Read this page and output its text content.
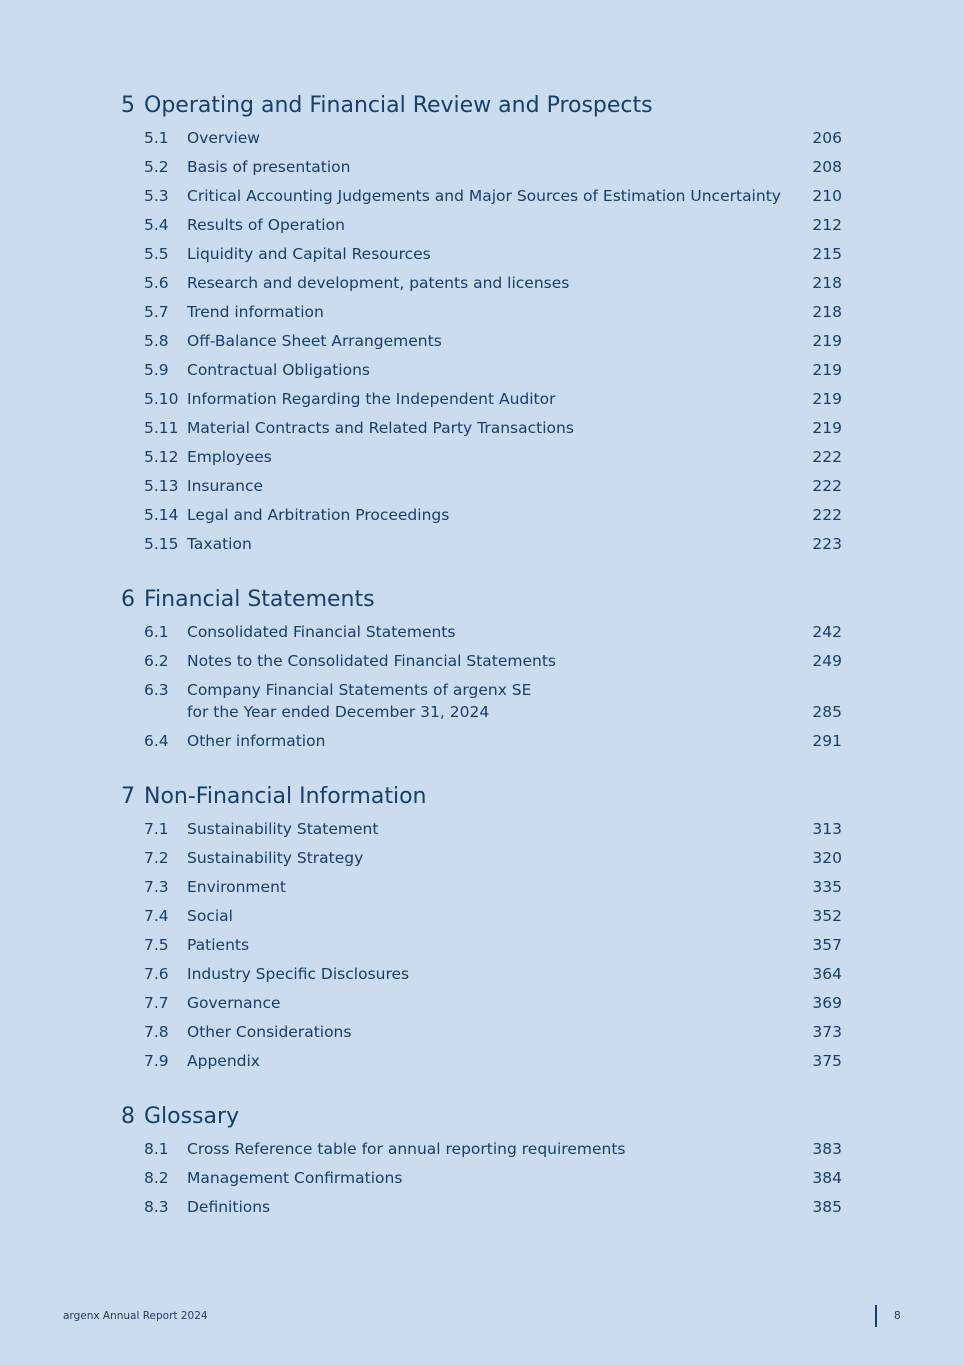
5 Operating and Financial Review and Prospects
5.1	Overview	206
5.2	Basis of presentation	208
5.3	Critical Accounting Judgements and Major Sources of Estimation Uncertainty	210
5.4	Results of Operation	212
5.5	Liquidity and Capital Resources	215
5.6	Research and development, patents and licenses	218
5.7	Trend information	218
5.8	Off-Balance Sheet Arrangements	219
5.9	Contractual Obligations	219
5.10 Information Regarding the Independent Auditor	219
5.11 Material Contracts and Related Party Transactions	219
5.12 Employees	222
5.13 Insurance	222
5.14 Legal and Arbitration Proceedings	222
5.15 Taxation	223
6 Financial Statements
6.1	Consolidated Financial Statements	242
6.2	Notes to the Consolidated Financial Statements	249
6.3	Company Financial Statements of argenx SE
for the Year ended December 31, 2024	285
6.4	Other information	291
7 Non-Financial Information
7.1	Sustainability Statement	313
7.2	Sustainability Strategy	320
7.3	Environment	335
7.4	Social	352
7.5	Patients	357
7.6	Industry Specific Disclosures	364
7.7	Governance	369
7.8	Other Considerations	373
7.9	Appendix	375
8 Glossary
8.1	Cross Reference table for annual reporting requirements	383
8.2	Management Confirmations	384
8.3	Definitions	385
argenx Annual Report 2024	8
